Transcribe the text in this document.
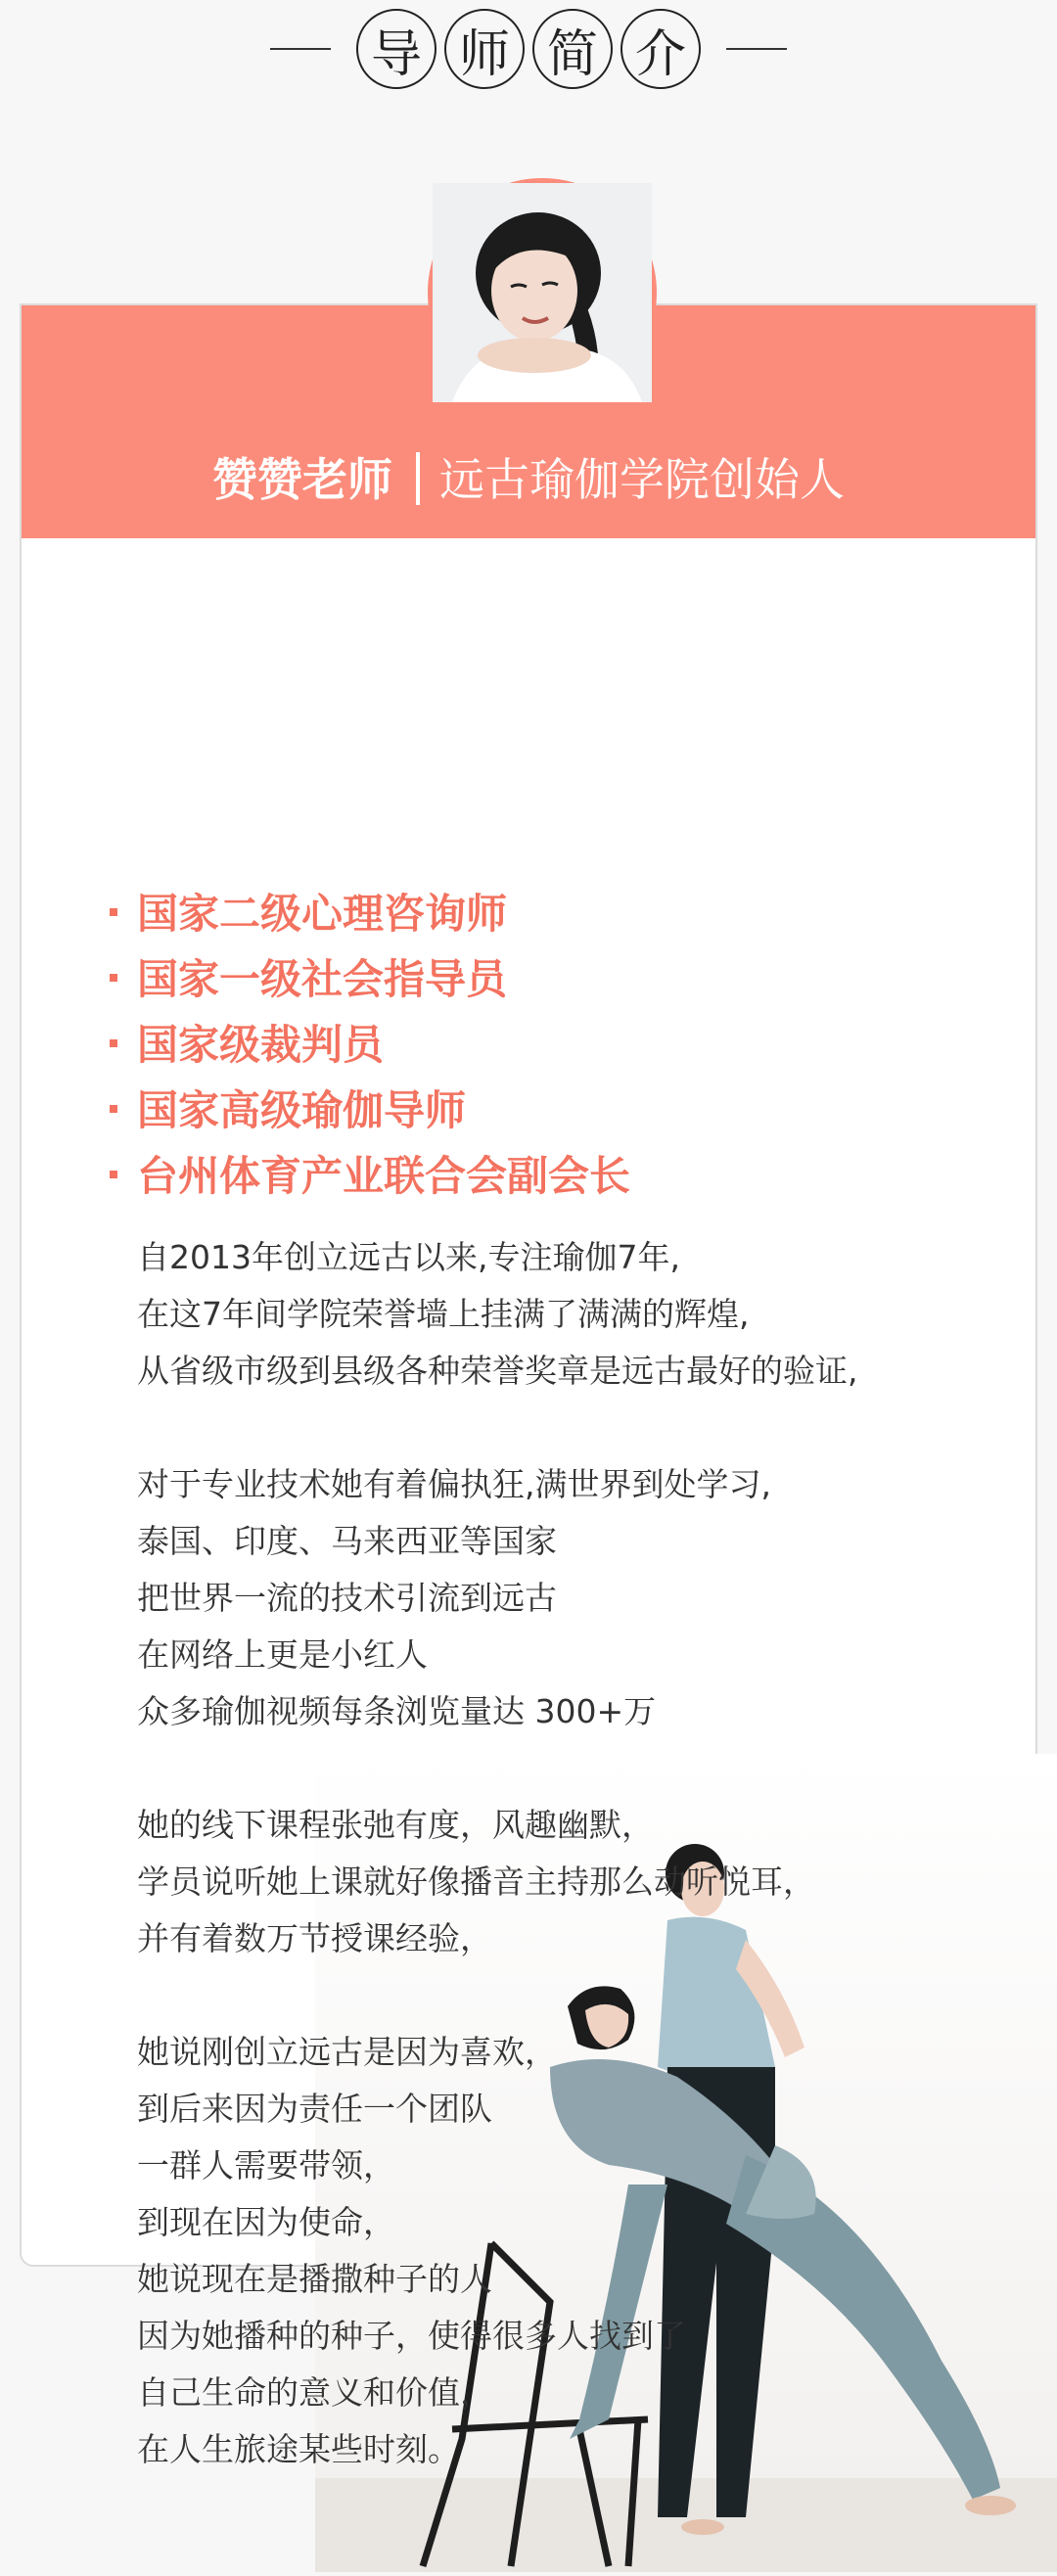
导 师 简 介
赞赞老师 远古瑜伽学院创始人
国家二级心理咨询师
国家一级社会指导员
国家级裁判员
国家高级瑜伽导师
台州体育产业联合会副会长
自2013年创立远古以来,专注瑜伽7年,
在这7年间学院荣誉墙上挂满了满满的辉煌,
从省级市级到县级各种荣誉奖章是远古最好的验证,
对于专业技术她有着偏执狂,满世界到处学习,
泰国、印度、马来西亚等国家
把世界一流的技术引流到远古
在网络上更是小红人
众多瑜伽视频每条浏览量达 300+万
她的线下课程张弛有度，风趣幽默，
学员说听她上课就好像播音主持那么动听悦耳，
并有着数万节授课经验，
她说刚创立远古是因为喜欢，
到后来因为责任一个团队
一群人需要带领，
到现在因为使命，
她说现在是播撒种子的人
因为她播种的种子，使得很多人找到了
自己生命的意义和价值，
在人生旅途某些时刻。
